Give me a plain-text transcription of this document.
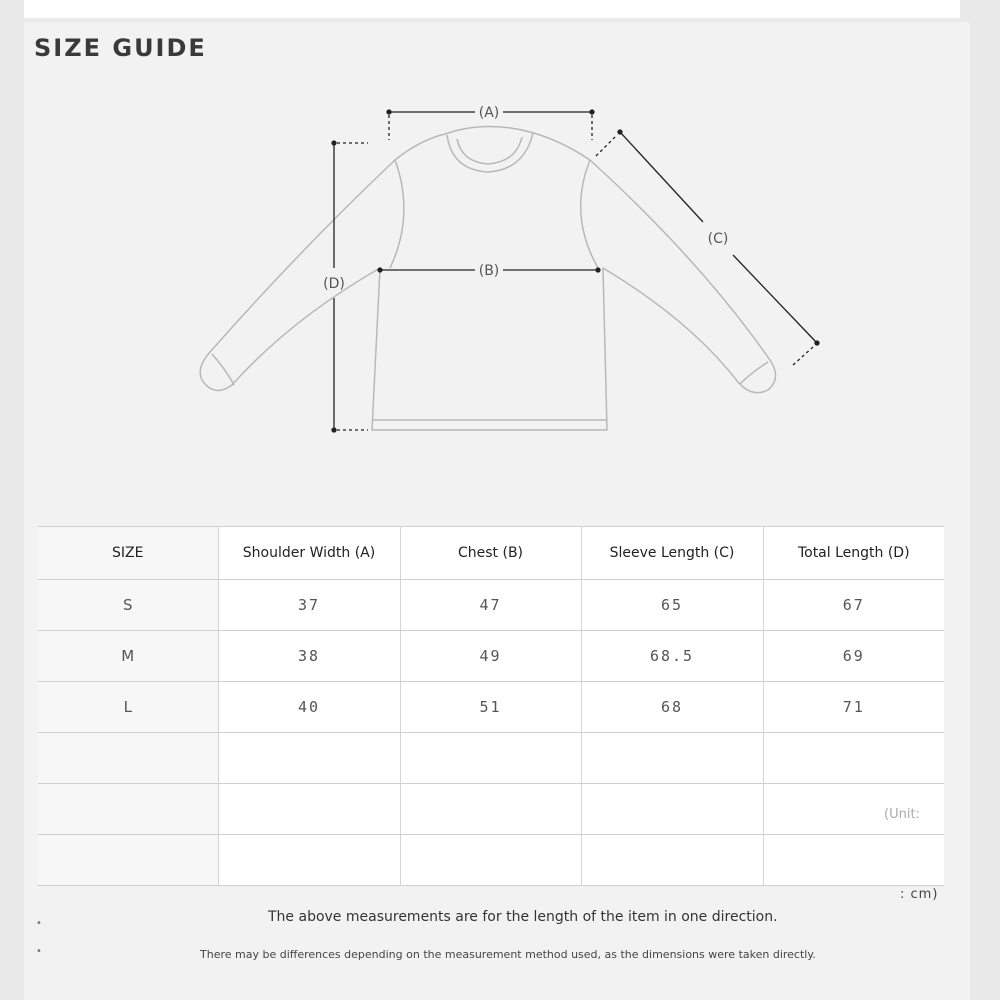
SIZE GUIDE
(A)
(B)
(C)
(D)
SIZE	Shoulder Width (A)	Chest (B)	Sleeve Length (C)	Total Length (D)
S	37	47	65	67
M	38	49	68.5	69
L	40	51	68	71

(Unit:
: cm)
•	The above measurements are for the length of the item in one direction.
•	There may be differences depending on the measurement method used, as the dimensions were taken directly.
